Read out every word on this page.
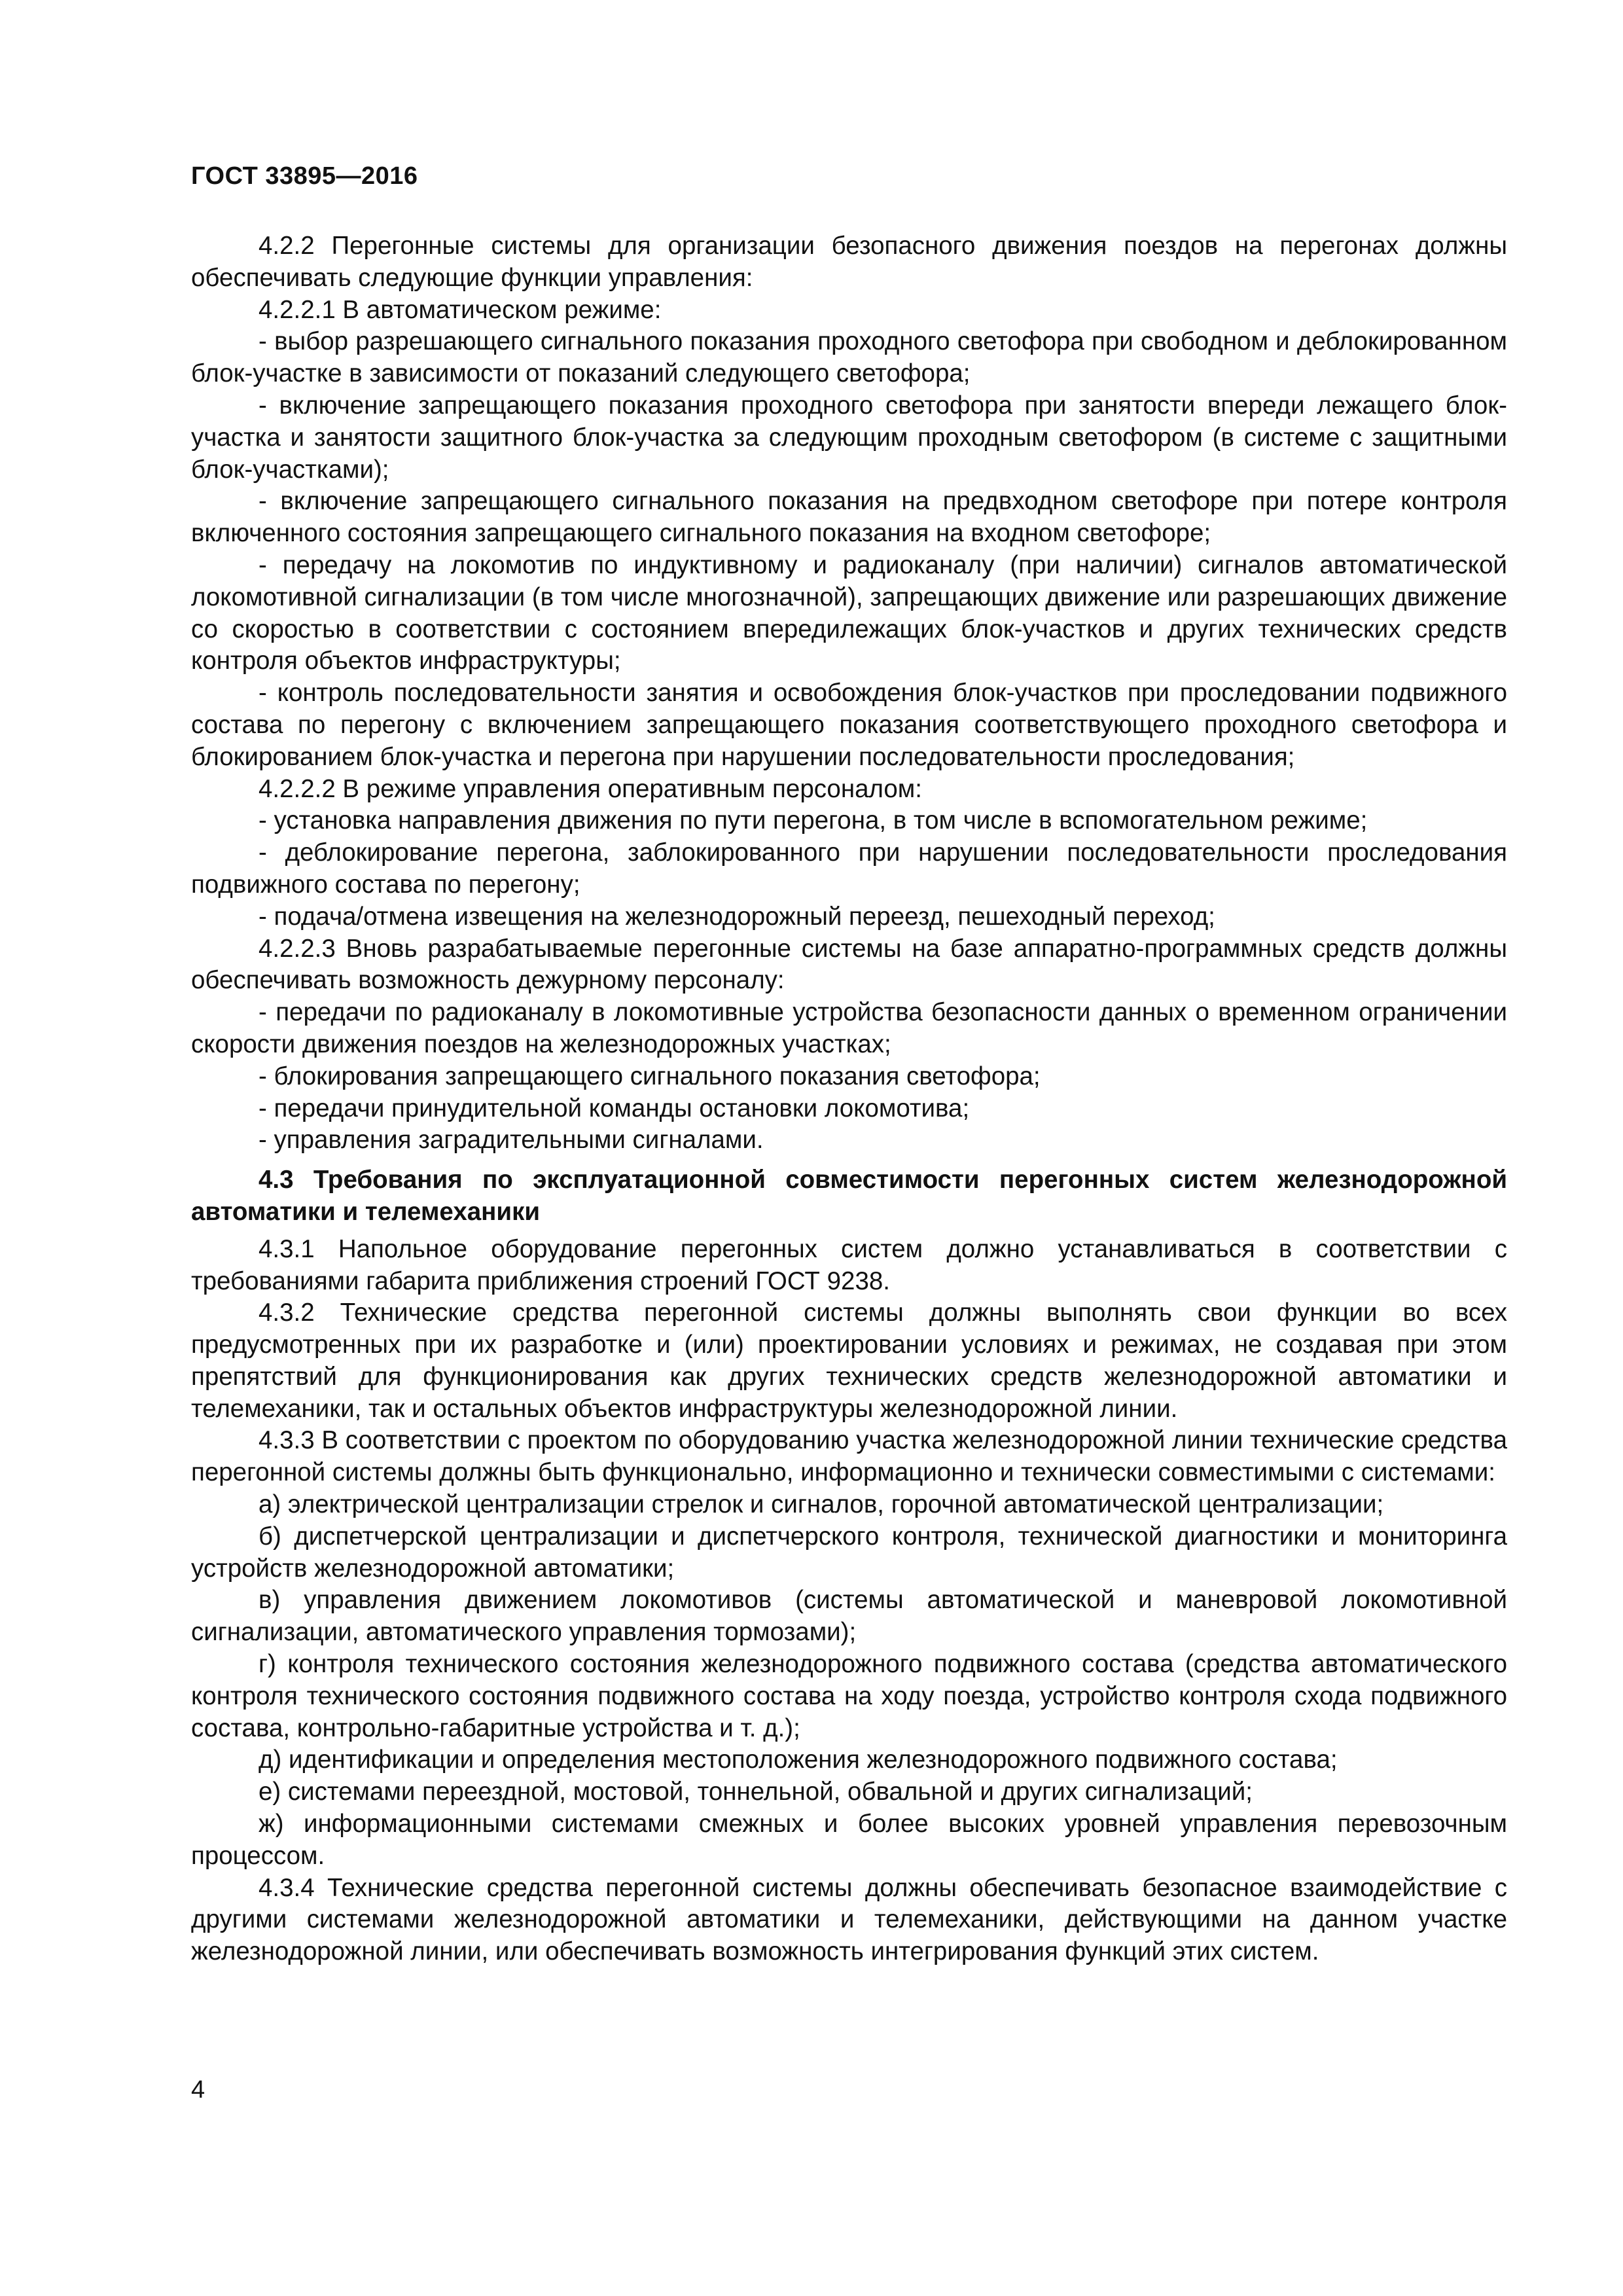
ГОСТ 33895—2016

4.2.2 Перегонные системы для организации безопасного движения поездов на перегонах должны обеспечивать следующие функции управления:

4.2.2.1 В автоматическом режиме:

- выбор разрешающего сигнального показания проходного светофора при свободном и деблокированном блок-участке в зависимости от показаний следующего светофора;

- включение запрещающего показания проходного светофора при занятости впереди лежащего блок-участка и занятости защитного блок-участка за следующим проходным светофором (в системе с защитными блок-участками);

- включение запрещающего сигнального показания на предвходном светофоре при потере контроля включенного состояния запрещающего сигнального показания на входном светофоре;

- передачу на локомотив по индуктивному и радиоканалу (при наличии) сигналов автоматической локомотивной сигнализации (в том числе многозначной), запрещающих движение или разрешающих движение со скоростью в соответствии с состоянием впередилежащих блок-участков и других технических средств контроля объектов инфраструктуры;

- контроль последовательности занятия и освобождения блок-участков при проследовании подвижного состава по перегону с включением запрещающего показания соответствующего проходного светофора и блокированием блок-участка и перегона при нарушении последовательности проследования;

4.2.2.2 В режиме управления оперативным персоналом:

- установка направления движения по пути перегона, в том числе в вспомогательном режиме;

- деблокирование перегона, заблокированного при нарушении последовательности проследования подвижного состава по перегону;

- подача/отмена извещения на железнодорожный переезд, пешеходный переход;

4.2.2.3 Вновь разрабатываемые перегонные системы на базе аппаратно-программных средств должны обеспечивать возможность дежурному персоналу:

- передачи по радиоканалу в локомотивные устройства безопасности данных о временном ограничении скорости движения поездов на железнодорожных участках;

- блокирования запрещающего сигнального показания светофора;

- передачи принудительной команды остановки локомотива;

- управления заградительными сигналами.

4.3 Требования по эксплуатационной совместимости перегонных систем железнодорожной автоматики и телемеханики

4.3.1 Напольное оборудование перегонных систем должно устанавливаться в соответствии с требованиями габарита приближения строений ГОСТ 9238.

4.3.2 Технические средства перегонной системы должны выполнять свои функции во всех предусмотренных при их разработке и (или) проектировании условиях и режимах, не создавая при этом препятствий для функционирования как других технических средств железнодорожной автоматики и телемеханики, так и остальных объектов инфраструктуры железнодорожной линии.

4.3.3 В соответствии с проектом по оборудованию участка железнодорожной линии технические средства перегонной системы должны быть функционально, информационно и технически совместимыми с системами:

а) электрической централизации стрелок и сигналов, горочной автоматической централизации;

б) диспетчерской централизации и диспетчерского контроля, технической диагностики и мониторинга устройств железнодорожной автоматики;

в) управления движением локомотивов (системы автоматической и маневровой локомотивной сигнализации, автоматического управления тормозами);

г) контроля технического состояния железнодорожного подвижного состава (средства автоматического контроля технического состояния подвижного состава на ходу поезда, устройство контроля схода подвижного состава, контрольно-габаритные устройства и т. д.);

д) идентификации и определения местоположения железнодорожного подвижного состава;

е) системами переездной, мостовой, тоннельной, обвальной и других сигнализаций;

ж) информационными системами смежных и более высоких уровней управления перевозочным процессом.

4.3.4 Технические средства перегонной системы должны обеспечивать безопасное взаимодействие с другими системами железнодорожной автоматики и телемеханики, действующими на данном участке железнодорожной линии, или обеспечивать возможность интегрирования функций этих систем.

4
